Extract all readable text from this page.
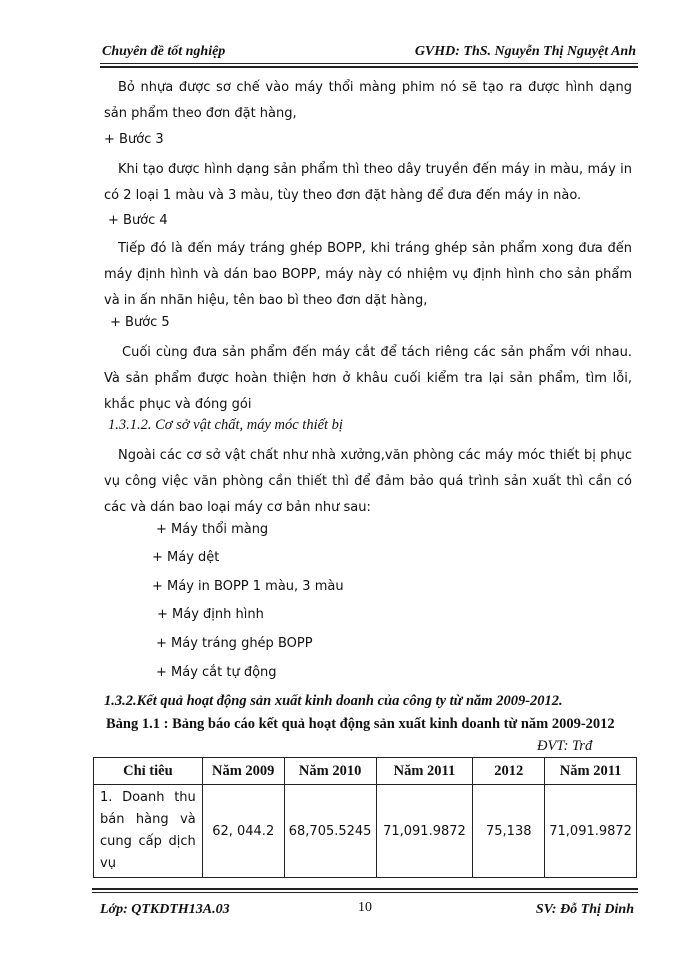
Chuyên đề tốt nghiệp	GVHD: ThS. Nguyễn Thị Nguyệt Anh

Bỏ nhựa được sơ chế vào máy thổi màng phim nó sẽ tạo ra được hình dạng sản phẩm theo đơn đặt hàng,

+ Bước 3

Khi tạo được hình dạng sản phẩm thì theo dây truyền đến máy in màu, máy in có 2 loại 1 màu và 3 màu, tùy theo đơn đặt hàng để đưa đến máy in nào.

+ Bước 4

Tiếp đó là đến máy tráng ghép BOPP, khi tráng ghép sản phẩm xong đưa đến máy định hình và dán bao BOPP, máy này có nhiệm vụ định hình cho sản phẩm và in ấn nhãn hiệu, tên bao bì theo đơn dặt hàng,

+ Bước 5

Cuối cùng đưa sản phẩm đến máy cắt để tách riêng các sản phẩm với nhau. Và sản phẩm được hoàn thiện hơn ở khâu cuối kiểm tra lại sản phẩm, tìm lỗi, khắc phục và đóng gói

1.3.1.2. Cơ sở vật chất, máy móc thiết bị

Ngoài các cơ sở vật chất như nhà xưởng,văn phòng các máy móc thiết bị phục vụ công việc văn phòng cần thiết thì để đảm bảo quá trình sản xuất thì cần có các và dán bao loại máy cơ bản như sau:

+ Máy thổi màng

+ Máy dệt

+ Máy in BOPP 1 màu, 3 màu

+ Máy định hình

+ Máy tráng ghép BOPP

+ Máy cắt tự động

1.3.2.Kết quả hoạt động sản xuất kinh doanh của công ty từ năm 2009-2012.

Bảng 1.1 : Bảng báo cáo kết quả hoạt động sản xuất kinh doanh từ năm 2009-2012

ĐVT: Trđ

Chỉ tiêu	Năm 2009	Năm 2010	Năm 2011	2012	Năm 2011
1. Doanh thu bán hàng và cung cấp dịch vụ	62, 044.2	68,705.5245	71,091.9872	75,138	71,091.9872
Lớp: QTKDTH13A.03	10	SV: Đỗ Thị Dinh
